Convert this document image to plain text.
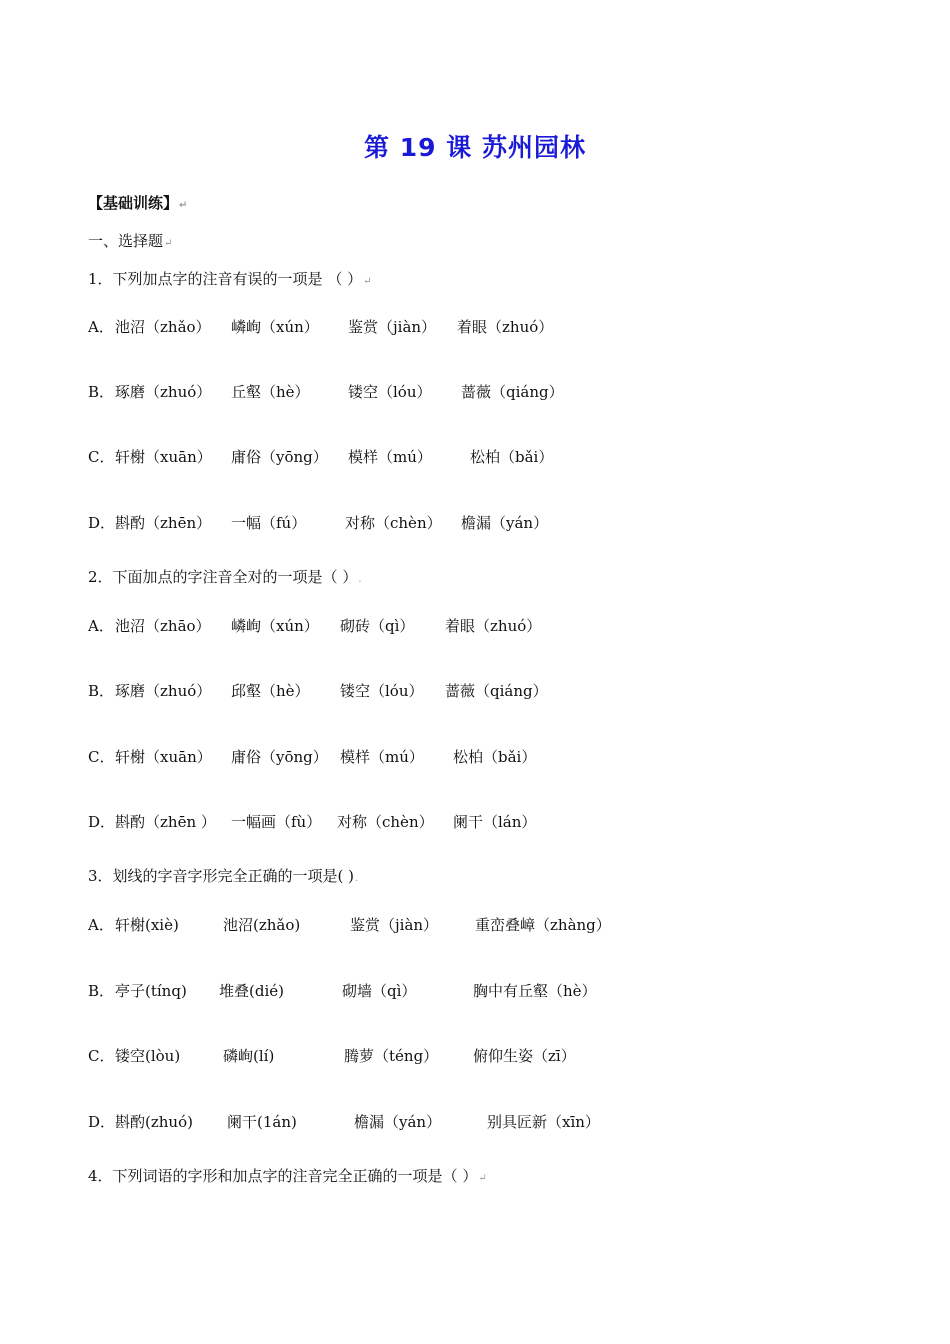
第 19 课 苏州园林
【基础训练】↵
一、选择题↵
1．下列加点字的注音有误的一项是 （ ）↵
A． 池沼（zhǎo） 嶙峋（xún） 鉴赏（jiàn） 着眼（zhuó）
B． 琢磨（zhuó） 丘壑（hè）	镂空（lóu） 蔷薇（qiáng）
C． 轩榭（xuān） 庸俗（yōng） 模样（mú）	松柏（bǎi）
D． 斟酌（zhēn） 一幅（fú）	对称（chèn） 檐漏（yán）
2．下面加点的字注音全对的一项是（ ）.
A． 池沼（zhāo） 嶙峋（xún） 砌砖（qì） 着眼（zhuó）
B． 琢磨（zhuó） 邱壑（hè） 镂空（lóu） 蔷薇（qiáng）
C． 轩榭（xuān） 庸俗（yōng） 模样（mú） 松柏（bǎi）
D． 斟酌（zhēn ） 一幅画（fù） 对称（chèn） 阑干（lán）
3．划线的字音字形完全正确的一项是( ).
A． 轩榭(xiè)	池沼(zhǎo)	鉴赏（jiàn） 重峦叠嶂（zhàng）
B． 亭子(tínq) 堆叠(dié)	砌墙（qì）	胸中有丘壑（hè）
C． 镂空(lòu)	磷峋(lí)	腾萝（téng） 俯仰生姿（zī）
D． 斟酌(zhuó) 阑干(1án)	檐漏（yán）	别具匠新（xīn）
4．下列词语的字形和加点字的注音完全正确的一项是（ ）↵
